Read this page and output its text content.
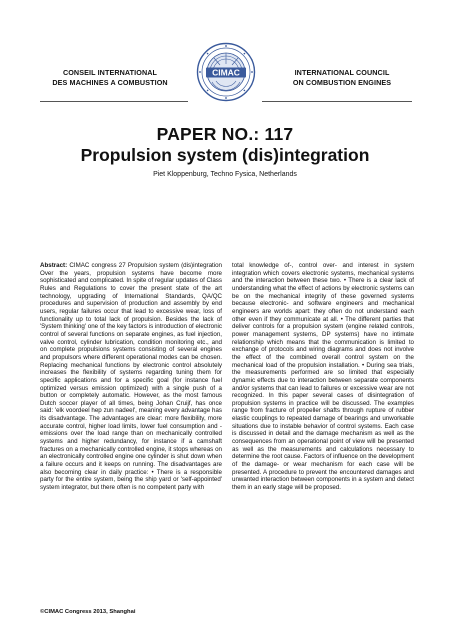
CONSEIL INTERNATIONAL
DES MACHINES A COMBUSTION
CIMAC	INTERNATIONAL COUNCIL
ON COMBUSTION ENGINES
PAPER NO.: 117
Propulsion system (dis)integration
Piet Kloppenburg, Techno Fysica, Netherlands

Abstract: CIMAC congress 27 Propulsion system (dis)integration Over the years, propulsion systems have become more sophisticated and complicated. In spite of regular updates of Class Rules and Regulations to cover the present state of the art technology, upgrading of International Standards, QA/QC procedures and supervision of production and assembly by end users, regular failures occur that lead to excessive wear, loss of functionality up to total lack of propulsion. Besides the lack of 'System thinking' one of the key factors is introduction of electronic control of several functions on separate engines, as fuel injection, valve control, cylinder lubrication, condition monitoring etc., and on complete propulsions systems consisting of several engines and propulsors where different operational modes can be chosen. Replacing mechanical functions by electronic control absolutely increases the flexibility of systems regarding tuning them for specific applications and for a specific goal (for instance fuel optimized versus emission optimized) with a single push of a button or completely automatic. However, as the most famous Dutch soccer player of all times, being Johan Cruijf, has once said: 'elk voordeel hep zun nadeel', meaning every advantage has its disadvantage. The advantages are clear: more flexibility, more accurate control, higher load limits, lower fuel consumption and - emissions over the load range than on mechanically controlled systems and higher redundancy, for instance if a camshaft fractures on a mechanically controlled engine, it stops whereas on an electronically controlled engine one cylinder is shut down when a failure occurs and it keeps on running. The disadvantages are also becoming clear in daily practice: • There is a responsible party for the entire system, being the ship yard or 'self-appointed' system integrator, but there often is no competent party with

total knowledge of-, control over- and interest in system integration which covers electronic systems, mechanical systems and the interaction between these two. • There is a clear lack of understanding what the effect of actions by electronic systems can be on the mechanical integrity of these governed systems because electronic- and software engineers and mechanical engineers are worlds apart: they often do not understand each other even if they communicate at all. • The different parties that deliver controls for a propulsion system (engine related controls, power management systems, DP systems) have no intimate relationship which means that the communication is limited to exchange of protocols and wiring diagrams and does not involve the effect of the combined overall control system on the mechanical load of the propulsion installation. • During sea trials, the measurements performed are so limited that especially dynamic effects due to interaction between separate components and/or systems that can lead to failures or excessive wear are not recognized. In this paper several cases of disintegration of propulsion systems in practice will be discussed. The examples range from fracture of propeller shafts through rupture of rubber elastic couplings to repeated damage of bearings and unworkable situations due to instable behavior of control systems. Each case is discussed in detail and the damage mechanism as well as the consequences from an operational point of view will be presented as well as the measurements and calculations necessary to determine the root cause. Factors of influence on the development of the damage- or wear mechanism for each case will be presented. A procedure to prevent the encountered damages and unwanted interaction between components in a system and detect them in an early stage will be proposed.

©CIMAC Congress 2013, Shanghai
